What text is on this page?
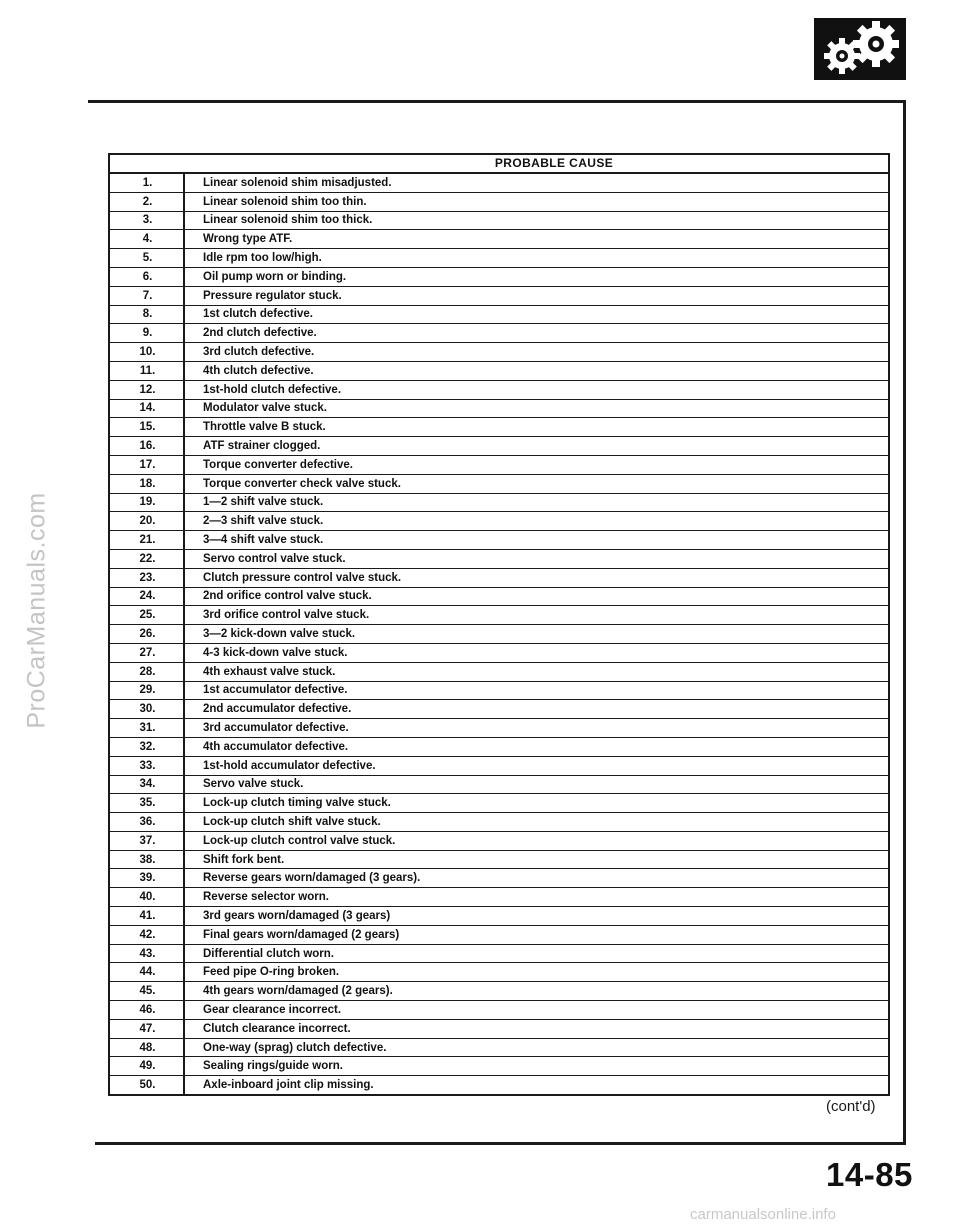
ProCarManuals.com
PROBABLE CAUSE
1.	Linear solenoid shim misadjusted.
2.	Linear solenoid shim too thin.
3.	Linear solenoid shim too thick.
4.	Wrong type ATF.
5.	Idle rpm too low/high.
6.	Oil pump worn or binding.
7.	Pressure regulator stuck.
8.	1st clutch defective.
9.	2nd clutch defective.
10.	3rd clutch defective.
11.	4th clutch defective.
12.	1st-hold clutch defective.
14.	Modulator valve stuck.
15.	Throttle valve B stuck.
16.	ATF strainer clogged.
17.	Torque converter defective.
18.	Torque converter check valve stuck.
19.	1—2 shift valve stuck.
20.	2—3 shift valve stuck.
21.	3—4 shift valve stuck.
22.	Servo control valve stuck.
23.	Clutch pressure control valve stuck.
24.	2nd orifice control valve stuck.
25.	3rd orifice control valve stuck.
26.	3—2 kick-down valve stuck.
27.	4-3 kick-down valve stuck.
28.	4th exhaust valve stuck.
29.	1st accumulator defective.
30.	2nd accumulator defective.
31.	3rd accumulator defective.
32.	4th accumulator defective.
33.	1st-hold accumulator defective.
34.	Servo valve stuck.
35.	Lock-up clutch timing valve stuck.
36.	Lock-up clutch shift valve stuck.
37.	Lock-up clutch control valve stuck.
38.	Shift fork bent.
39.	Reverse gears worn/damaged (3 gears).
40.	Reverse selector worn.
41.	3rd gears worn/damaged (3 gears)
42.	Final gears worn/damaged (2 gears)
43.	Differential clutch worn.
44.	Feed pipe O-ring broken.
45.	4th gears worn/damaged (2 gears).
46.	Gear clearance incorrect.
47.	Clutch clearance incorrect.
48.	One-way (sprag) clutch defective.
49.	Sealing rings/guide worn.
50.	Axle-inboard joint clip missing.
(cont'd)
14-85
carmanualsonline.info
